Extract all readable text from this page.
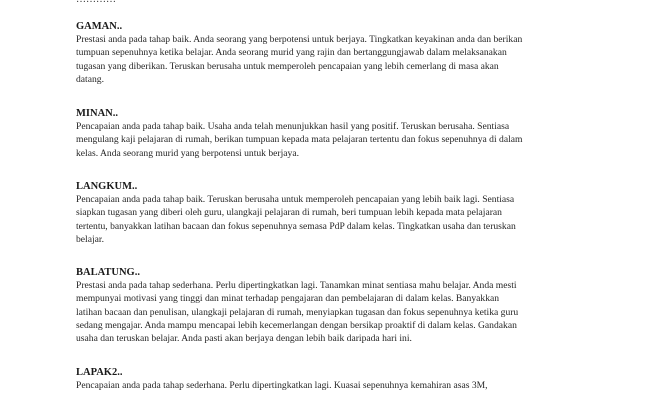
GAMAN..

Prestasi anda pada tahap baik. Anda seorang yang berpotensi untuk berjaya. Tingkatkan keyakinan anda dan berikan

tumpuan sepenuhnya ketika belajar. Anda seorang murid yang rajin dan bertanggungjawab dalam melaksanakan

tugasan yang diberikan. Teruskan berusaha untuk memperoleh pencapaian yang lebih cemerlang di masa akan

datang.

MINAN..

Pencapaian anda pada tahap baik. Usaha anda telah menunjukkan hasil yang positif. Teruskan berusaha. Sentiasa

mengulang kaji pelajaran di rumah, berikan tumpuan kepada mata pelajaran tertentu dan fokus sepenuhnya di dalam

kelas. Anda seorang murid yang berpotensi untuk berjaya.

LANGKUM..

Pencapaian anda pada tahap baik. Teruskan berusaha untuk memperoleh pencapaian yang lebih baik lagi. Sentiasa

siapkan tugasan yang diberi oleh guru, ulangkaji pelajaran di rumah, beri tumpuan lebih kepada mata pelajaran

tertentu, banyakkan latihan bacaan dan fokus sepenuhnya semasa PdP dalam kelas. Tingkatkan usaha dan teruskan

belajar.

BALATUNG..

Prestasi anda pada tahap sederhana. Perlu dipertingkatkan lagi. Tanamkan minat sentiasa mahu belajar. Anda mesti

mempunyai motivasi yang tinggi dan minat terhadap pengajaran dan pembelajaran di dalam kelas. Banyakkan

latihan bacaan dan penulisan, ulangkaji pelajaran di rumah, menyiapkan tugasan dan fokus sepenuhnya ketika guru

sedang mengajar. Anda mampu mencapai lebih kecemerlangan dengan bersikap proaktif di dalam kelas. Gandakan

usaha dan teruskan belajar. Anda pasti akan berjaya dengan lebih baik daripada hari ini.

LAPAK2..

Pencapaian anda pada tahap sederhana. Perlu dipertingkatkan lagi. Kuasai sepenuhnya kemahiran asas 3M,
